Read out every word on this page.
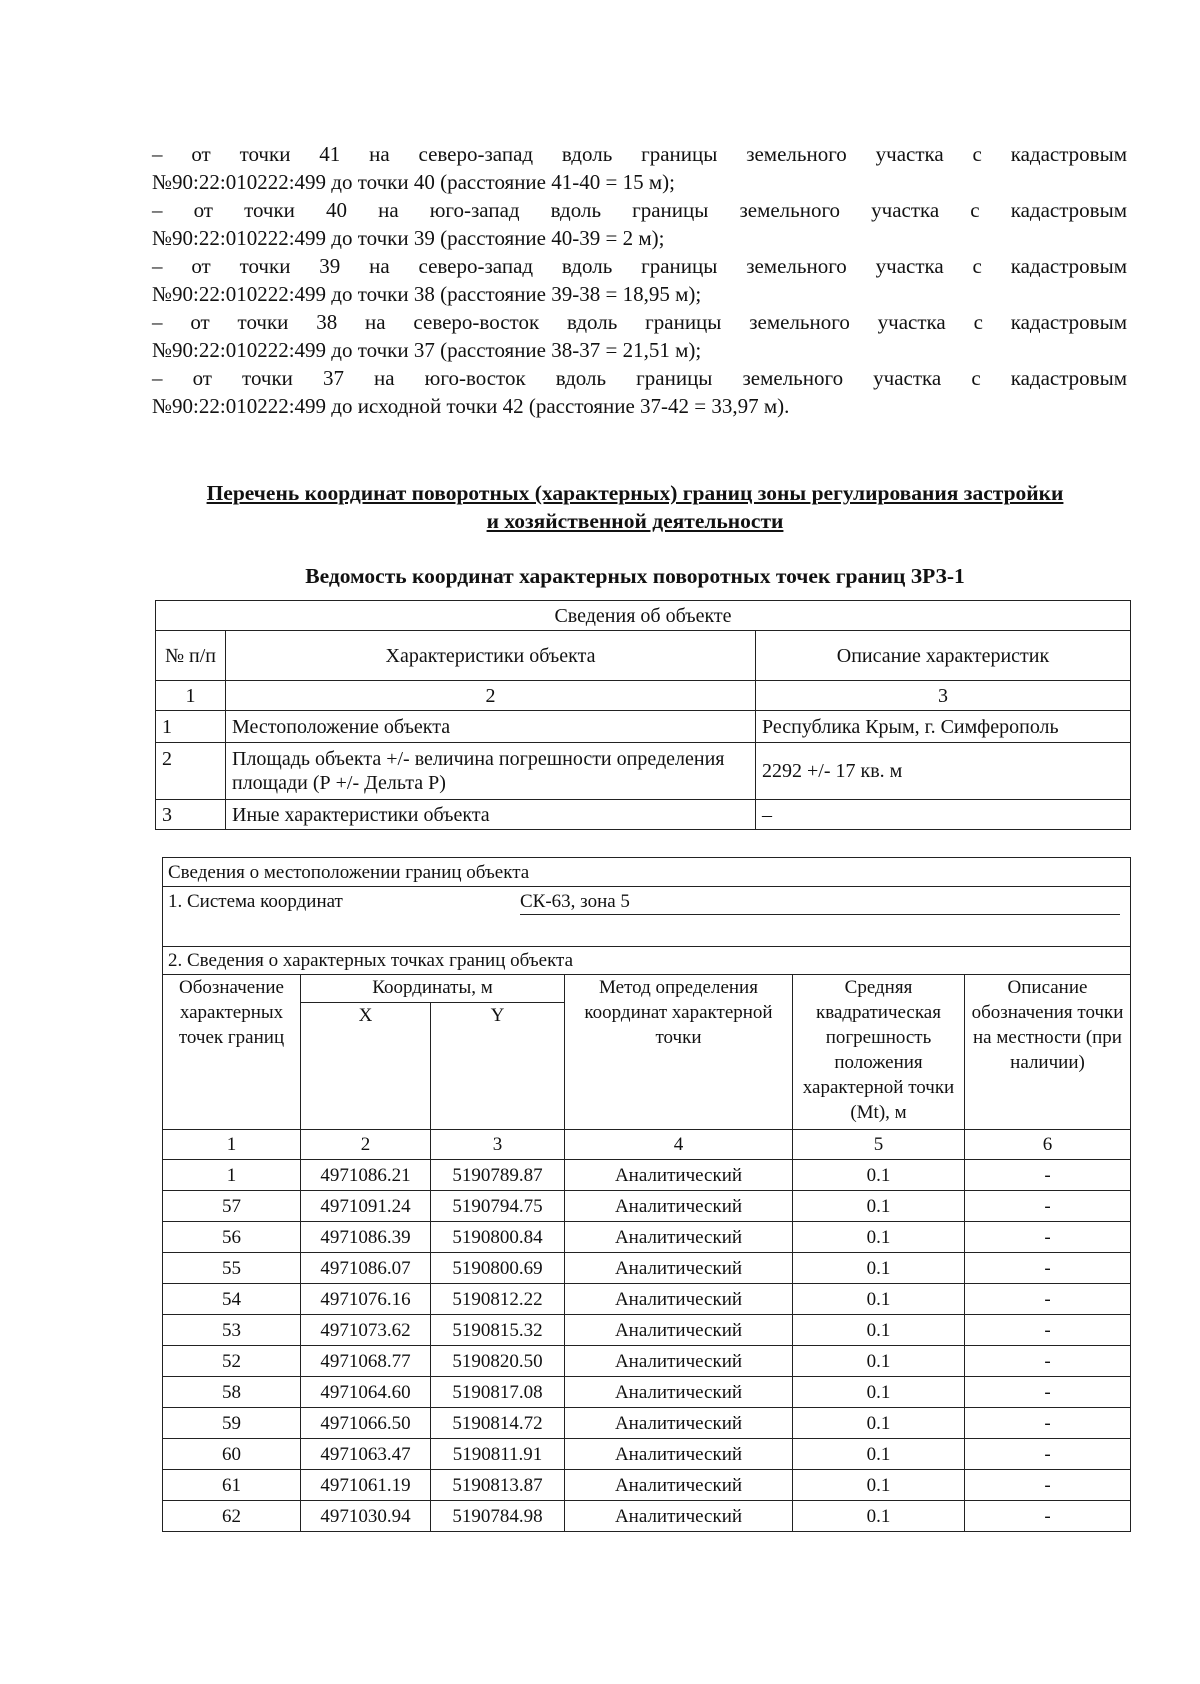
– от точки 41 на северо-запад вдоль границы земельного участка с кадастровым

№90:22:010222:499 до точки 40 (расстояние 41-40 = 15 м);

– от точки 40 на юго-запад вдоль границы земельного участка с кадастровым

№90:22:010222:499 до точки 39 (расстояние 40-39 = 2 м);

– от точки 39 на северо-запад вдоль границы земельного участка с кадастровым

№90:22:010222:499 до точки 38 (расстояние 39-38 = 18,95 м);

– от точки 38 на северо-восток вдоль границы земельного участка с кадастровым

№90:22:010222:499 до точки 37 (расстояние 38-37 = 21,51 м);

– от точки 37 на юго-восток вдоль границы земельного участка с кадастровым

№90:22:010222:499 до исходной точки 42 (расстояние 37-42 = 33,97 м).

Перечень координат поворотных (характерных) границ зоны регулирования застройки
и хозяйственной деятельности
Ведомость координат характерных поворотных точек границ ЗРЗ-1
Сведения об объекте		
№ п/п	Характеристики объекта	Описание характеристик
1	2	3
1	Местоположение объекта	Республика Крым, г. Симферополь
2	Площадь объекта +/- величина погрешности определения площади (Р +/- Дельта Р)	2292 +/- 17 кв. м
3	Иные характеристики объекта	–
Сведения о местоположении границ объекта					
1. Система координат СК-63, зона 5					

2. Сведения о характерных точках границ объекта					
Обозначение характерных точек границ	Координаты, м		Метод определения координат характерной точки	Средняя квадратическая погрешность положения характерной точки (Mt), м	Описание обозначения точки на местности (при наличии)
	X	Y			
1	2	3	4	5	6
1	4971086.21	5190789.87	Аналитический	0.1	-
57	4971091.24	5190794.75	Аналитический	0.1	-
56	4971086.39	5190800.84	Аналитический	0.1	-
55	4971086.07	5190800.69	Аналитический	0.1	-
54	4971076.16	5190812.22	Аналитический	0.1	-
53	4971073.62	5190815.32	Аналитический	0.1	-
52	4971068.77	5190820.50	Аналитический	0.1	-
58	4971064.60	5190817.08	Аналитический	0.1	-
59	4971066.50	5190814.72	Аналитический	0.1	-
60	4971063.47	5190811.91	Аналитический	0.1	-
61	4971061.19	5190813.87	Аналитический	0.1	-
62	4971030.94	5190784.98	Аналитический	0.1	-
